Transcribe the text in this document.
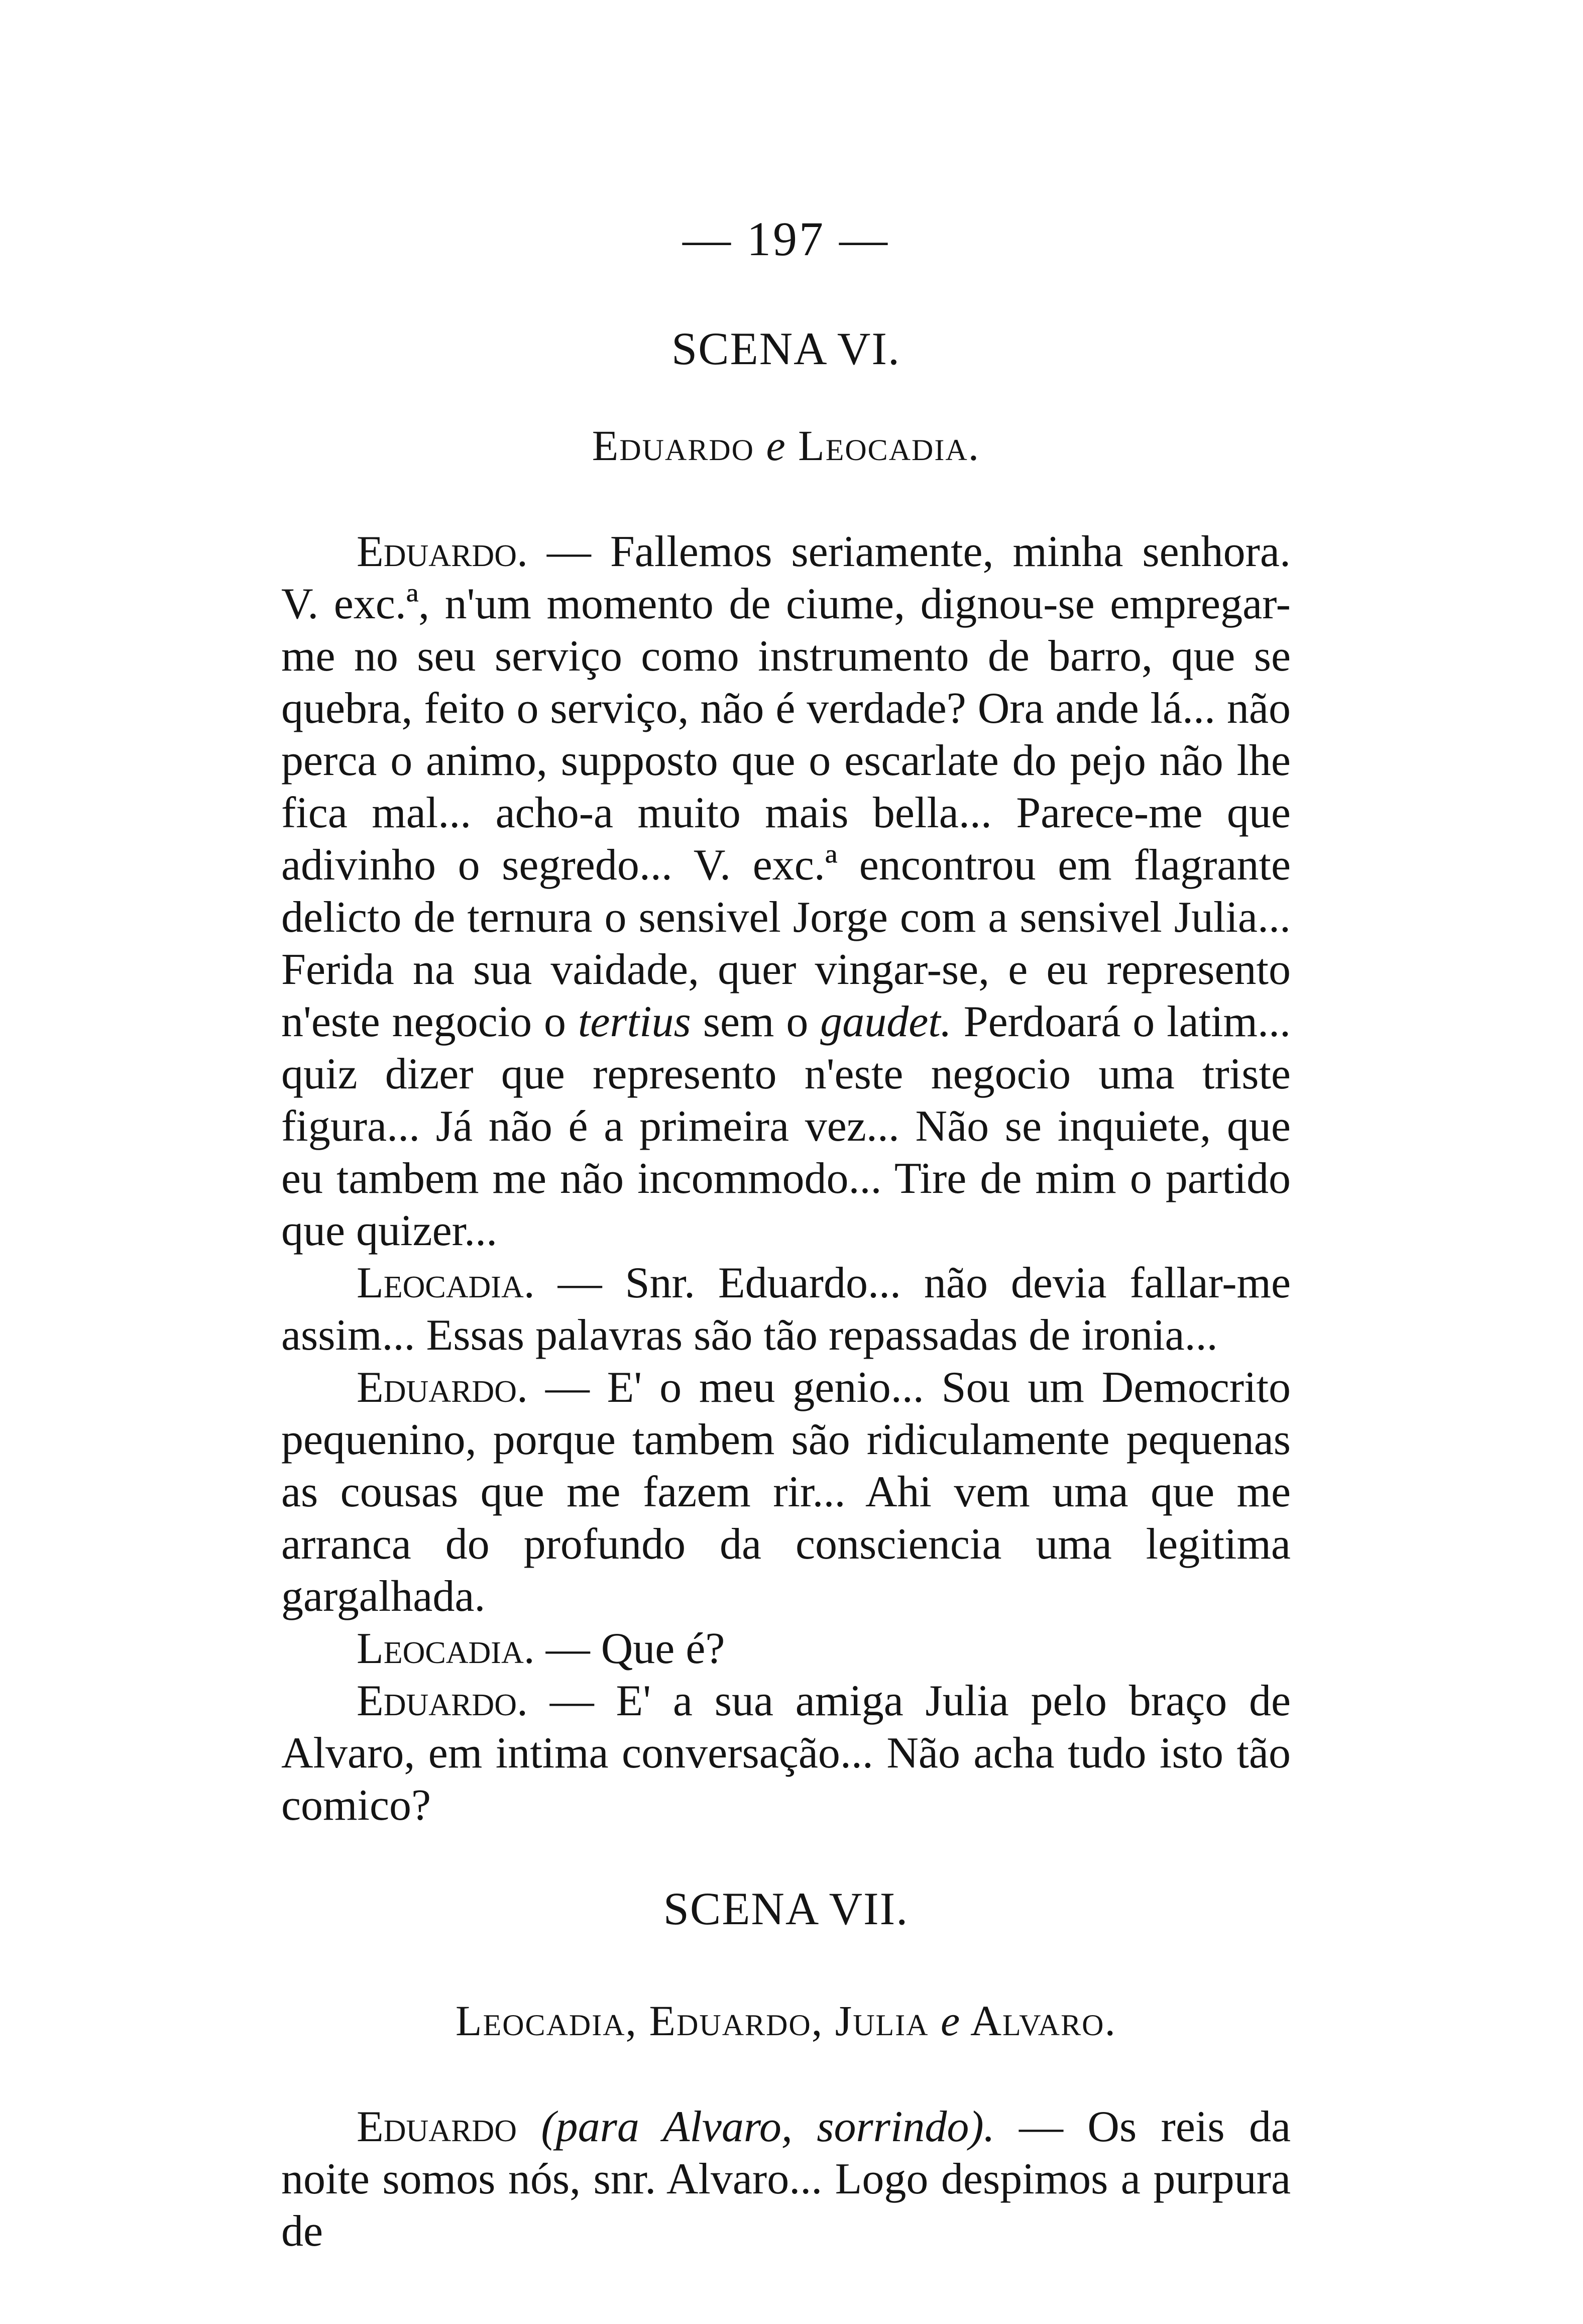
— 197 —
SCENA VI.
Eduardo e Leocadia.

Eduardo. — Fallemos seriamente, minha senhora. V. exc.ª, n'um momento de ciume, dignou-se empregar-me no seu serviço como instrumento de barro, que se quebra, feito o serviço, não é verdade? Ora ande lá... não perca o animo, supposto que o escarlate do pejo não lhe fica mal... acho-a muito mais bella... Parece-me que adivinho o segredo... V. exc.ª encontrou em flagrante delicto de ternura o sensivel Jorge com a sensivel Julia... Ferida na sua vaidade, quer vingar-se, e eu represento n'este negocio o tertius sem o gaudet. Perdoará o latim... quiz dizer que represento n'este negocio uma triste figura... Já não é a primeira vez... Não se inquiete, que eu tambem me não incommodo... Tire de mim o partido que quizer...

Leocadia. — Snr. Eduardo... não devia fallar-me assim... Essas palavras são tão repassadas de ironia...

Eduardo. — E' o meu genio... Sou um Democrito pequenino, porque tambem são ridiculamente pequenas as cousas que me fazem rir... Ahi vem uma que me arranca do profundo da consciencia uma legitima gargalhada.

Leocadia. — Que é?

Eduardo. — E' a sua amiga Julia pelo braço de Alvaro, em intima conversação... Não acha tudo isto tão comico?

SCENA VII.
Leocadia, Eduardo, Julia e Alvaro.

Eduardo (para Alvaro, sorrindo). — Os reis da noite somos nós, snr. Alvaro... Logo despimos a purpura de
